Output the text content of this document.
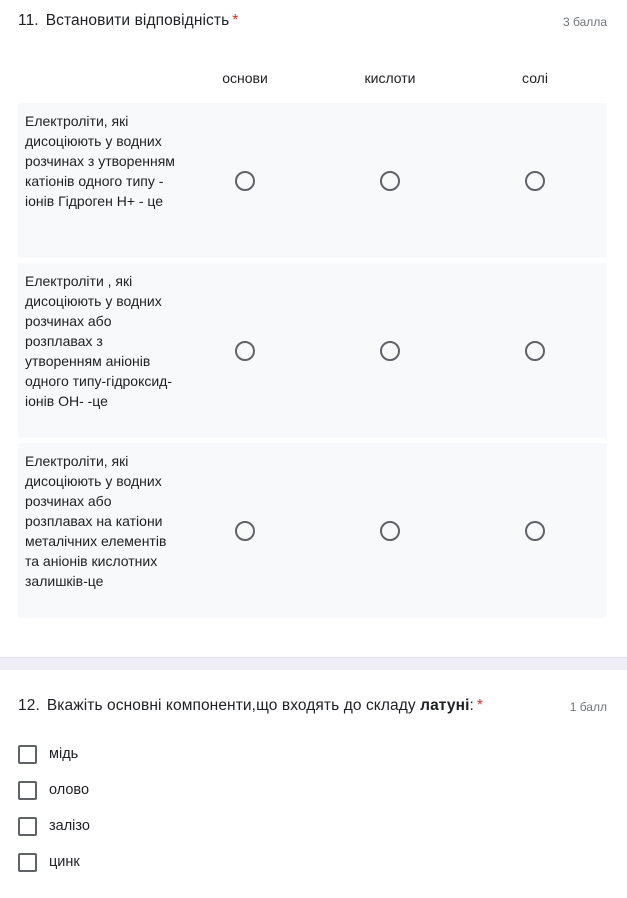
11. Встановити відповідність *	3 балла
основи	кислоти	солі
Електроліти, які дисоціюють у водних розчинах з утворенням катіонів одного типу - іонів Гідроген Н+ - це
Електроліти , які дисоціюють у водних розчинах або розплавах з утворенням аніонів одного типу-гідроксид-іонів ОН- -це
Електроліти, які дисоціюють у водних розчинах або розплавах на катіони металічних елементів та аніонів кислотних залишків-це
12. Вкажіть основні компоненти,що входять до складу латуні: *	1 балл
мідь
олово
залізо
цинк
